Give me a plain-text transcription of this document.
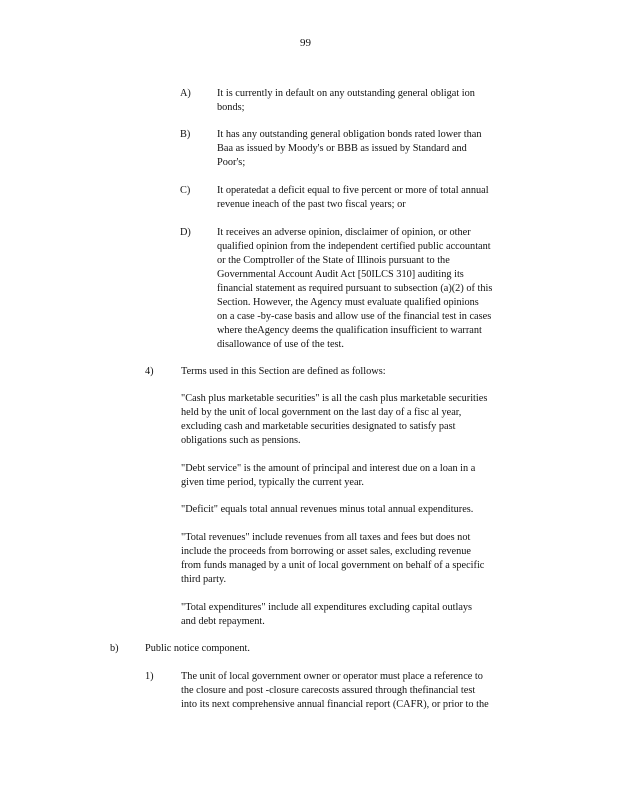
99
A)	It is currently in default on any outstanding general obligat ion
bonds;
B)	It has any outstanding general obligation bonds rated lower than
Baa as issued by Moody's or BBB as issued by Standard and
Poor's;
C)	It operatedat a deficit equal to five percent or more of total annual
revenue ineach of the past two fiscal years; or
D)	It receives an adverse opinion, disclaimer of opinion, or other
qualified opinion from the independent certified public accountant
or the Comptroller of the State of Illinois pursuant to the
Governmental Account Audit Act [50ILCS 310] auditing its
financial statement as required pursuant to subsection (a)(2) of this
Section. However, the Agency must evaluate qualified opinions
on a case -by-case basis and allow use of the financial test in cases
where theAgency deems the qualification insufficient to warrant
disallowance of use of the test.
4)	Terms used in this Section are defined as follows:
"Cash plus marketable securities" is all the cash plus marketable securities
held by the unit of local government on the last day of a fisc al year,
excluding cash and marketable securities designated to satisfy past
obligations such as pensions.
"Debt service" is the amount of principal and interest due on a loan in a
given time period, typically the current year.
"Deficit" equals total annual revenues minus total annual expenditures.
"Total revenues" include revenues from all taxes and fees but does not
include the proceeds from borrowing or asset sales, excluding revenue
from funds managed by a unit of local government on behalf of a specific
third party.
"Total expenditures" include all expenditures excluding capital outlays
and debt repayment.
b)	Public notice component.
1)	The unit of local government owner or operator must place a reference to
the closure and post -closure carecosts assured through thefinancial test
into its next comprehensive annual financial report (CAFR), or prior to the
